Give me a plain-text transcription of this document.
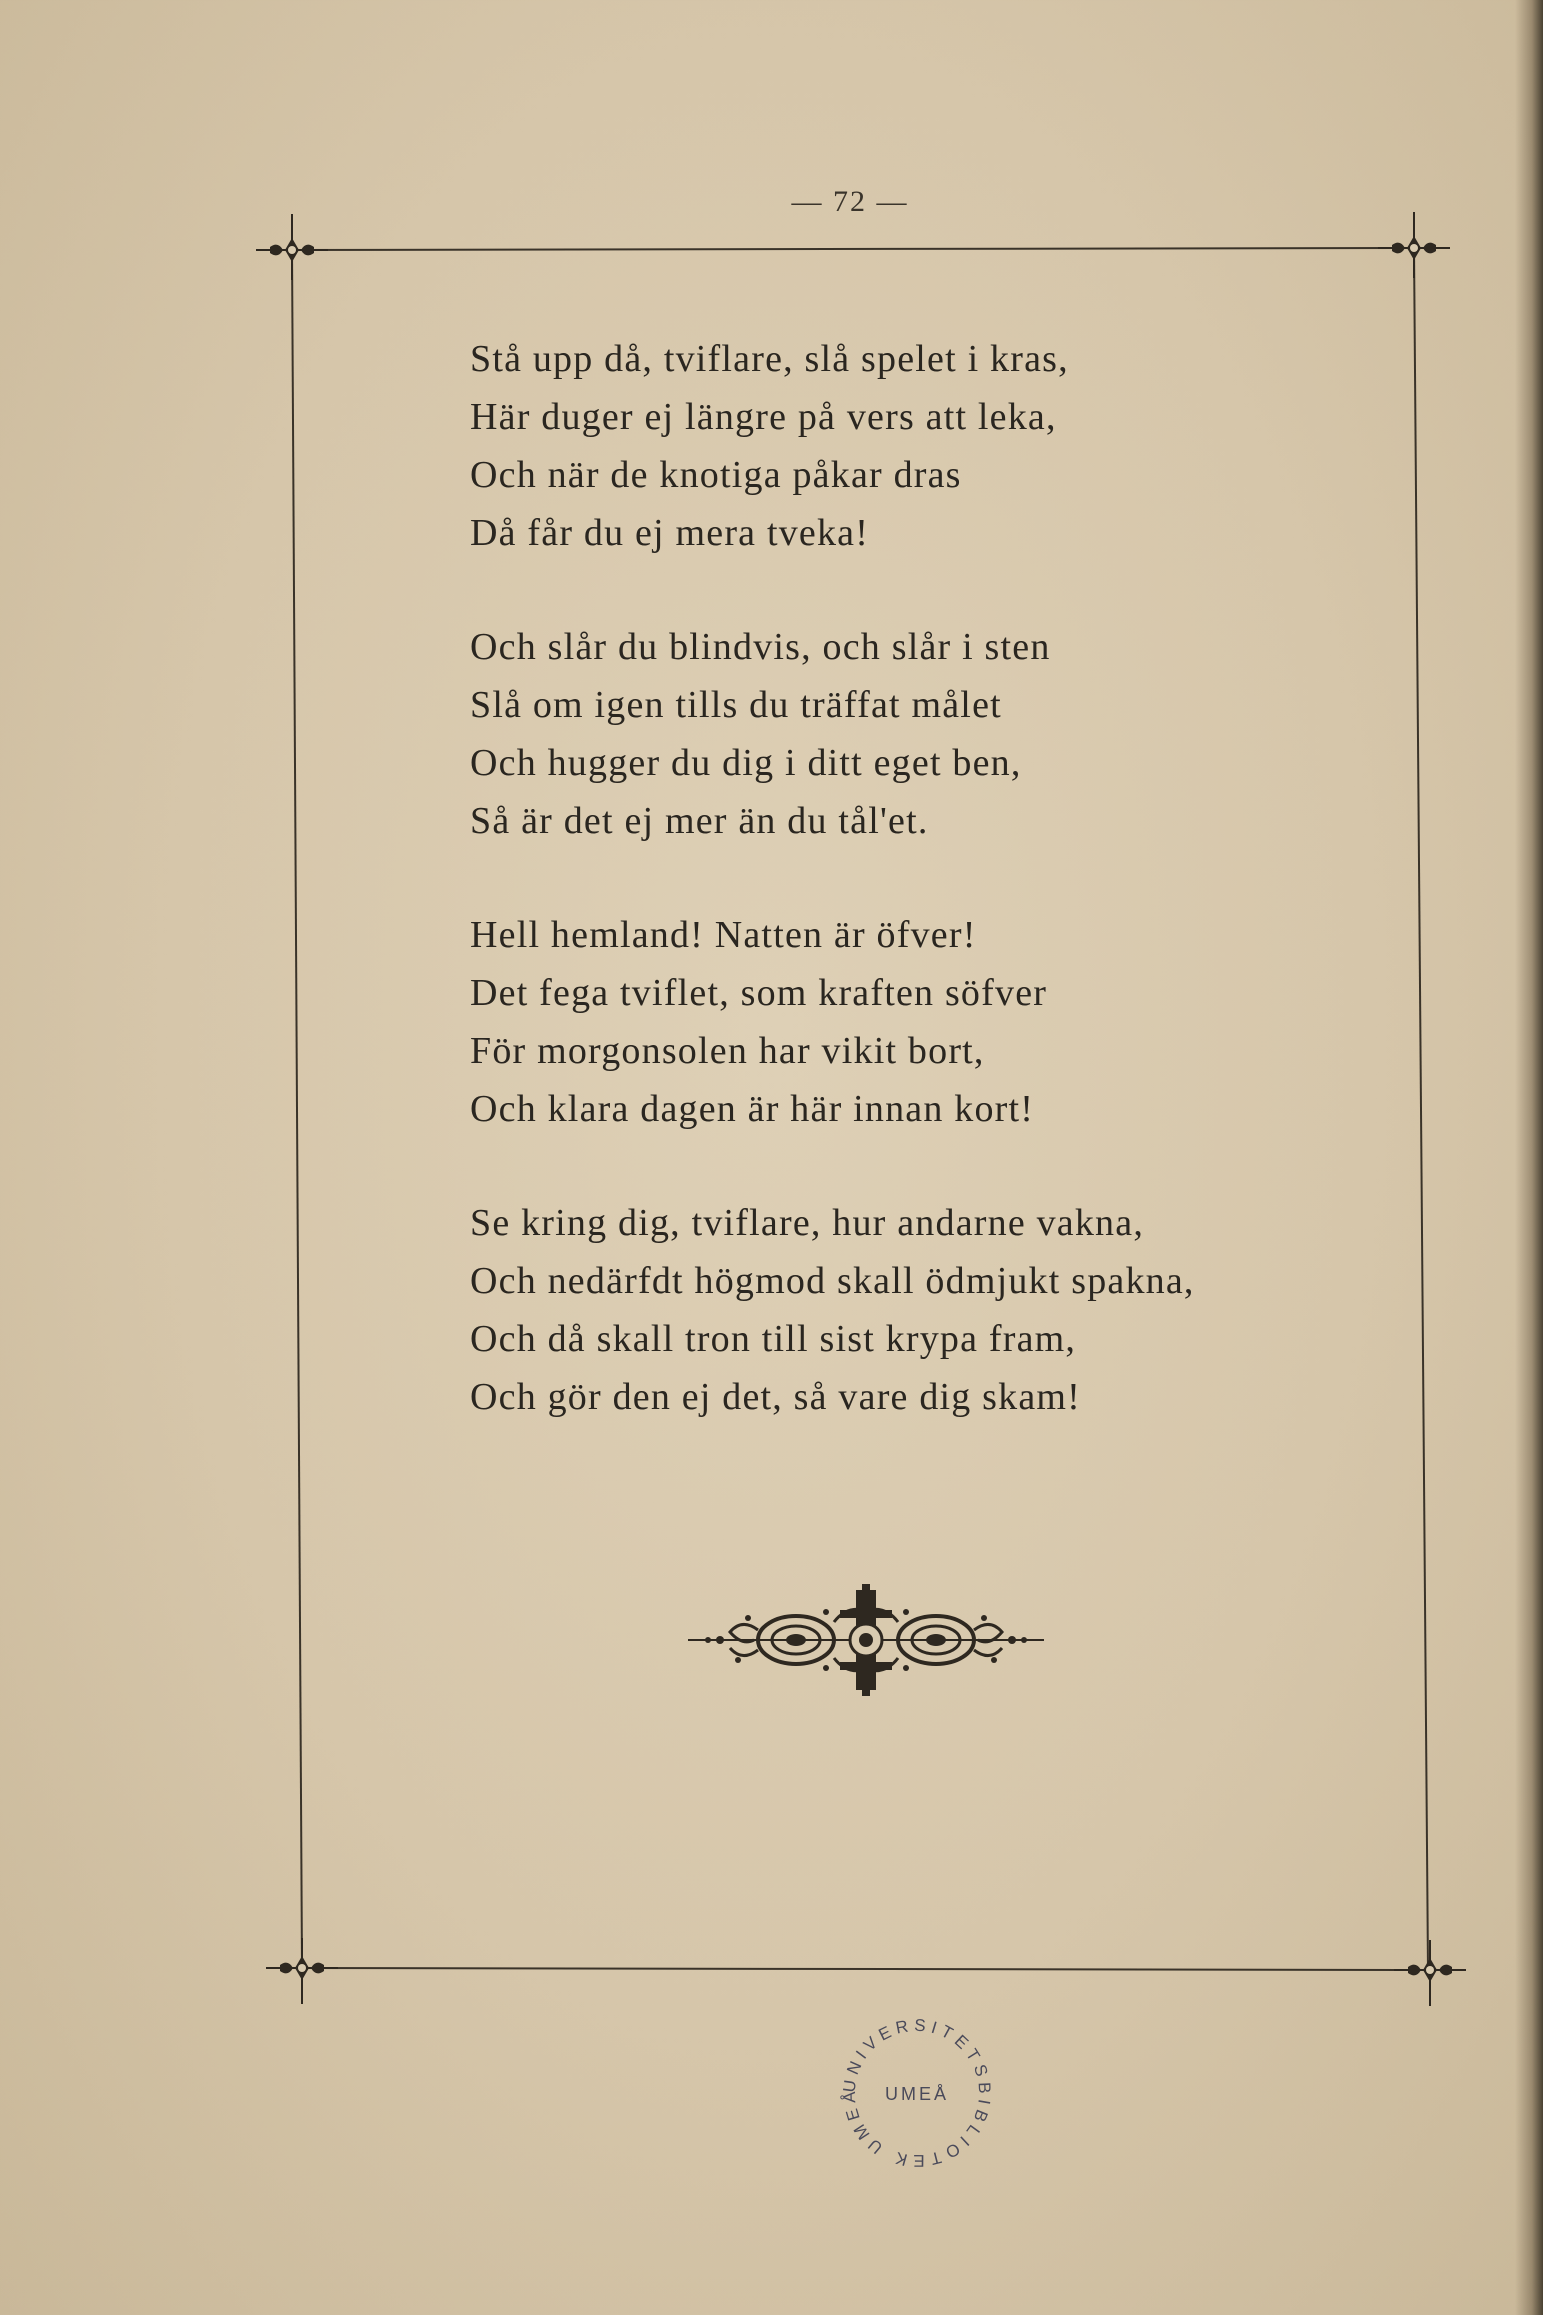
— 72 —
Stå upp då, tviflare, slå spelet i kras,
Här duger ej längre på vers att leka,
Och när de knotiga påkar dras
Då får du ej mera tveka!
Och slår du blindvis, och slår i sten
Slå om igen tills du träffat målet
Och hugger du dig i ditt eget ben,
Så är det ej mer än du tål'et.
Hell hemland! Natten är öfver!
Det fega tviflet, som kraften söfver
För morgonsolen har vikit bort,
Och klara dagen är här innan kort!
Se kring dig, tviflare, hur andarne vakna,
Och nedärfdt högmod skall ödmjukt spakna,
Och då skall tron till sist krypa fram,
Och gör den ej det, så vare dig skam!
UNIVERSITETSBIBLIOTEK UMEÅ	UMEÅ
